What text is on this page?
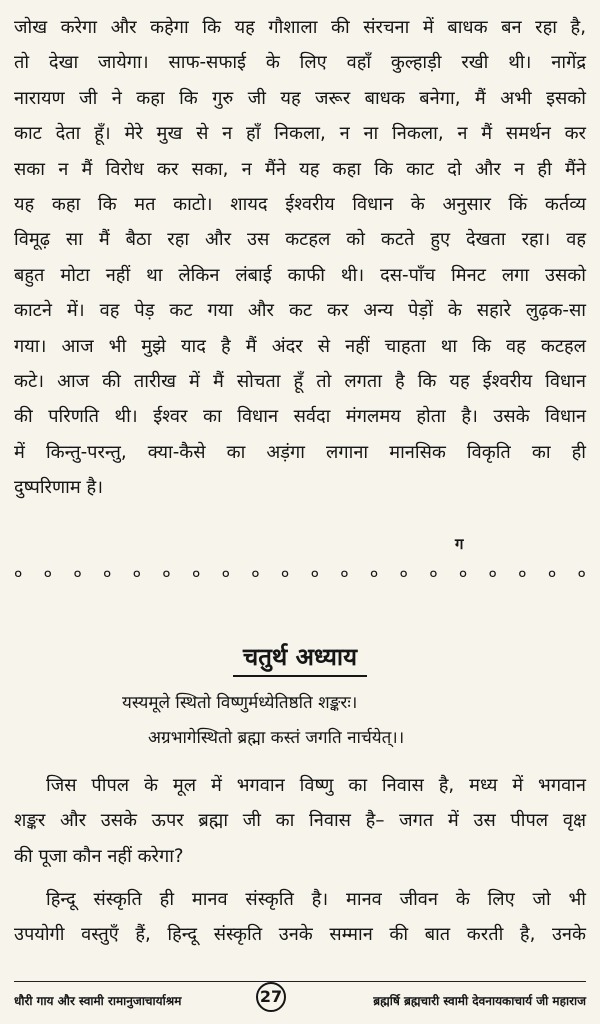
जोख करेगा और कहेगा कि यह गौशाला की संरचना में बाधक बन रहा है,
तो देखा जायेगा। साफ-सफाई के लिए वहाँ कुल्हाड़ी रखी थी। नागेंद्र
नारायण जी ने कहा कि गुरु जी यह जरूर बाधक बनेगा, मैं अभी इसको
काट देता हूँ। मेरे मुख से न हाँ निकला, न ना निकला, न मैं समर्थन कर
सका न मैं विरोध कर सका, न मैंने यह कहा कि काट दो और न ही मैंने
यह कहा कि मत काटो। शायद ईश्वरीय विधान के अनुसार किं कर्तव्य
विमूढ़ सा मैं बैठा रहा और उस कटहल को कटते हुए देखता रहा। वह
बहुत मोटा नहीं था लेकिन लंबाई काफी थी। दस-पाँच मिनट लगा उसको
काटने में। वह पेड़ कट गया और कट कर अन्य पेड़ों के सहारे लुढ़क-सा
गया। आज भी मुझे याद है मैं अंदर से नहीं चाहता था कि वह कटहल
कटे। आज की तारीख में मैं सोचता हूँ तो लगता है कि यह ईश्वरीय विधान
की परिणति थी। ईश्वर का विधान सर्वदा मंगलमय होता है। उसके विधान
में किन्तु-परन्तु, क्या-कैसे का अड़ंगा लगाना मानसिक विकृति का ही
दुष्परिणाम है।
ग
० ० ० ० ० ० ० ० ० ० ० ० ० ० ० ० ० ० ० ०
चतुर्थ अध्याय
यस्यमूले स्थितो विष्णुर्मध्येतिष्ठति शङ्करः।
अग्रभागेस्थितो ब्रह्मा कस्तं जगति नार्चयेत्।।
जिस पीपल के मूल में भगवान विष्णु का निवास है, मध्य में भगवान
शङ्कर और उसके ऊपर ब्रह्मा जी का निवास है– जगत में उस पीपल वृक्ष
की पूजा कौन नहीं करेगा?
हिन्दू संस्कृति ही मानव संस्कृति है। मानव जीवन के लिए जो भी
उपयोगी वस्तुएँ हैं, हिन्दू संस्कृति उनके सम्मान की बात करती है, उनके
धौरी गाय और स्वामी रामानुजाचार्याश्रम	27	ब्रह्मर्षि ब्रह्मचारी स्वामी देवनायकाचार्य जी महाराज
